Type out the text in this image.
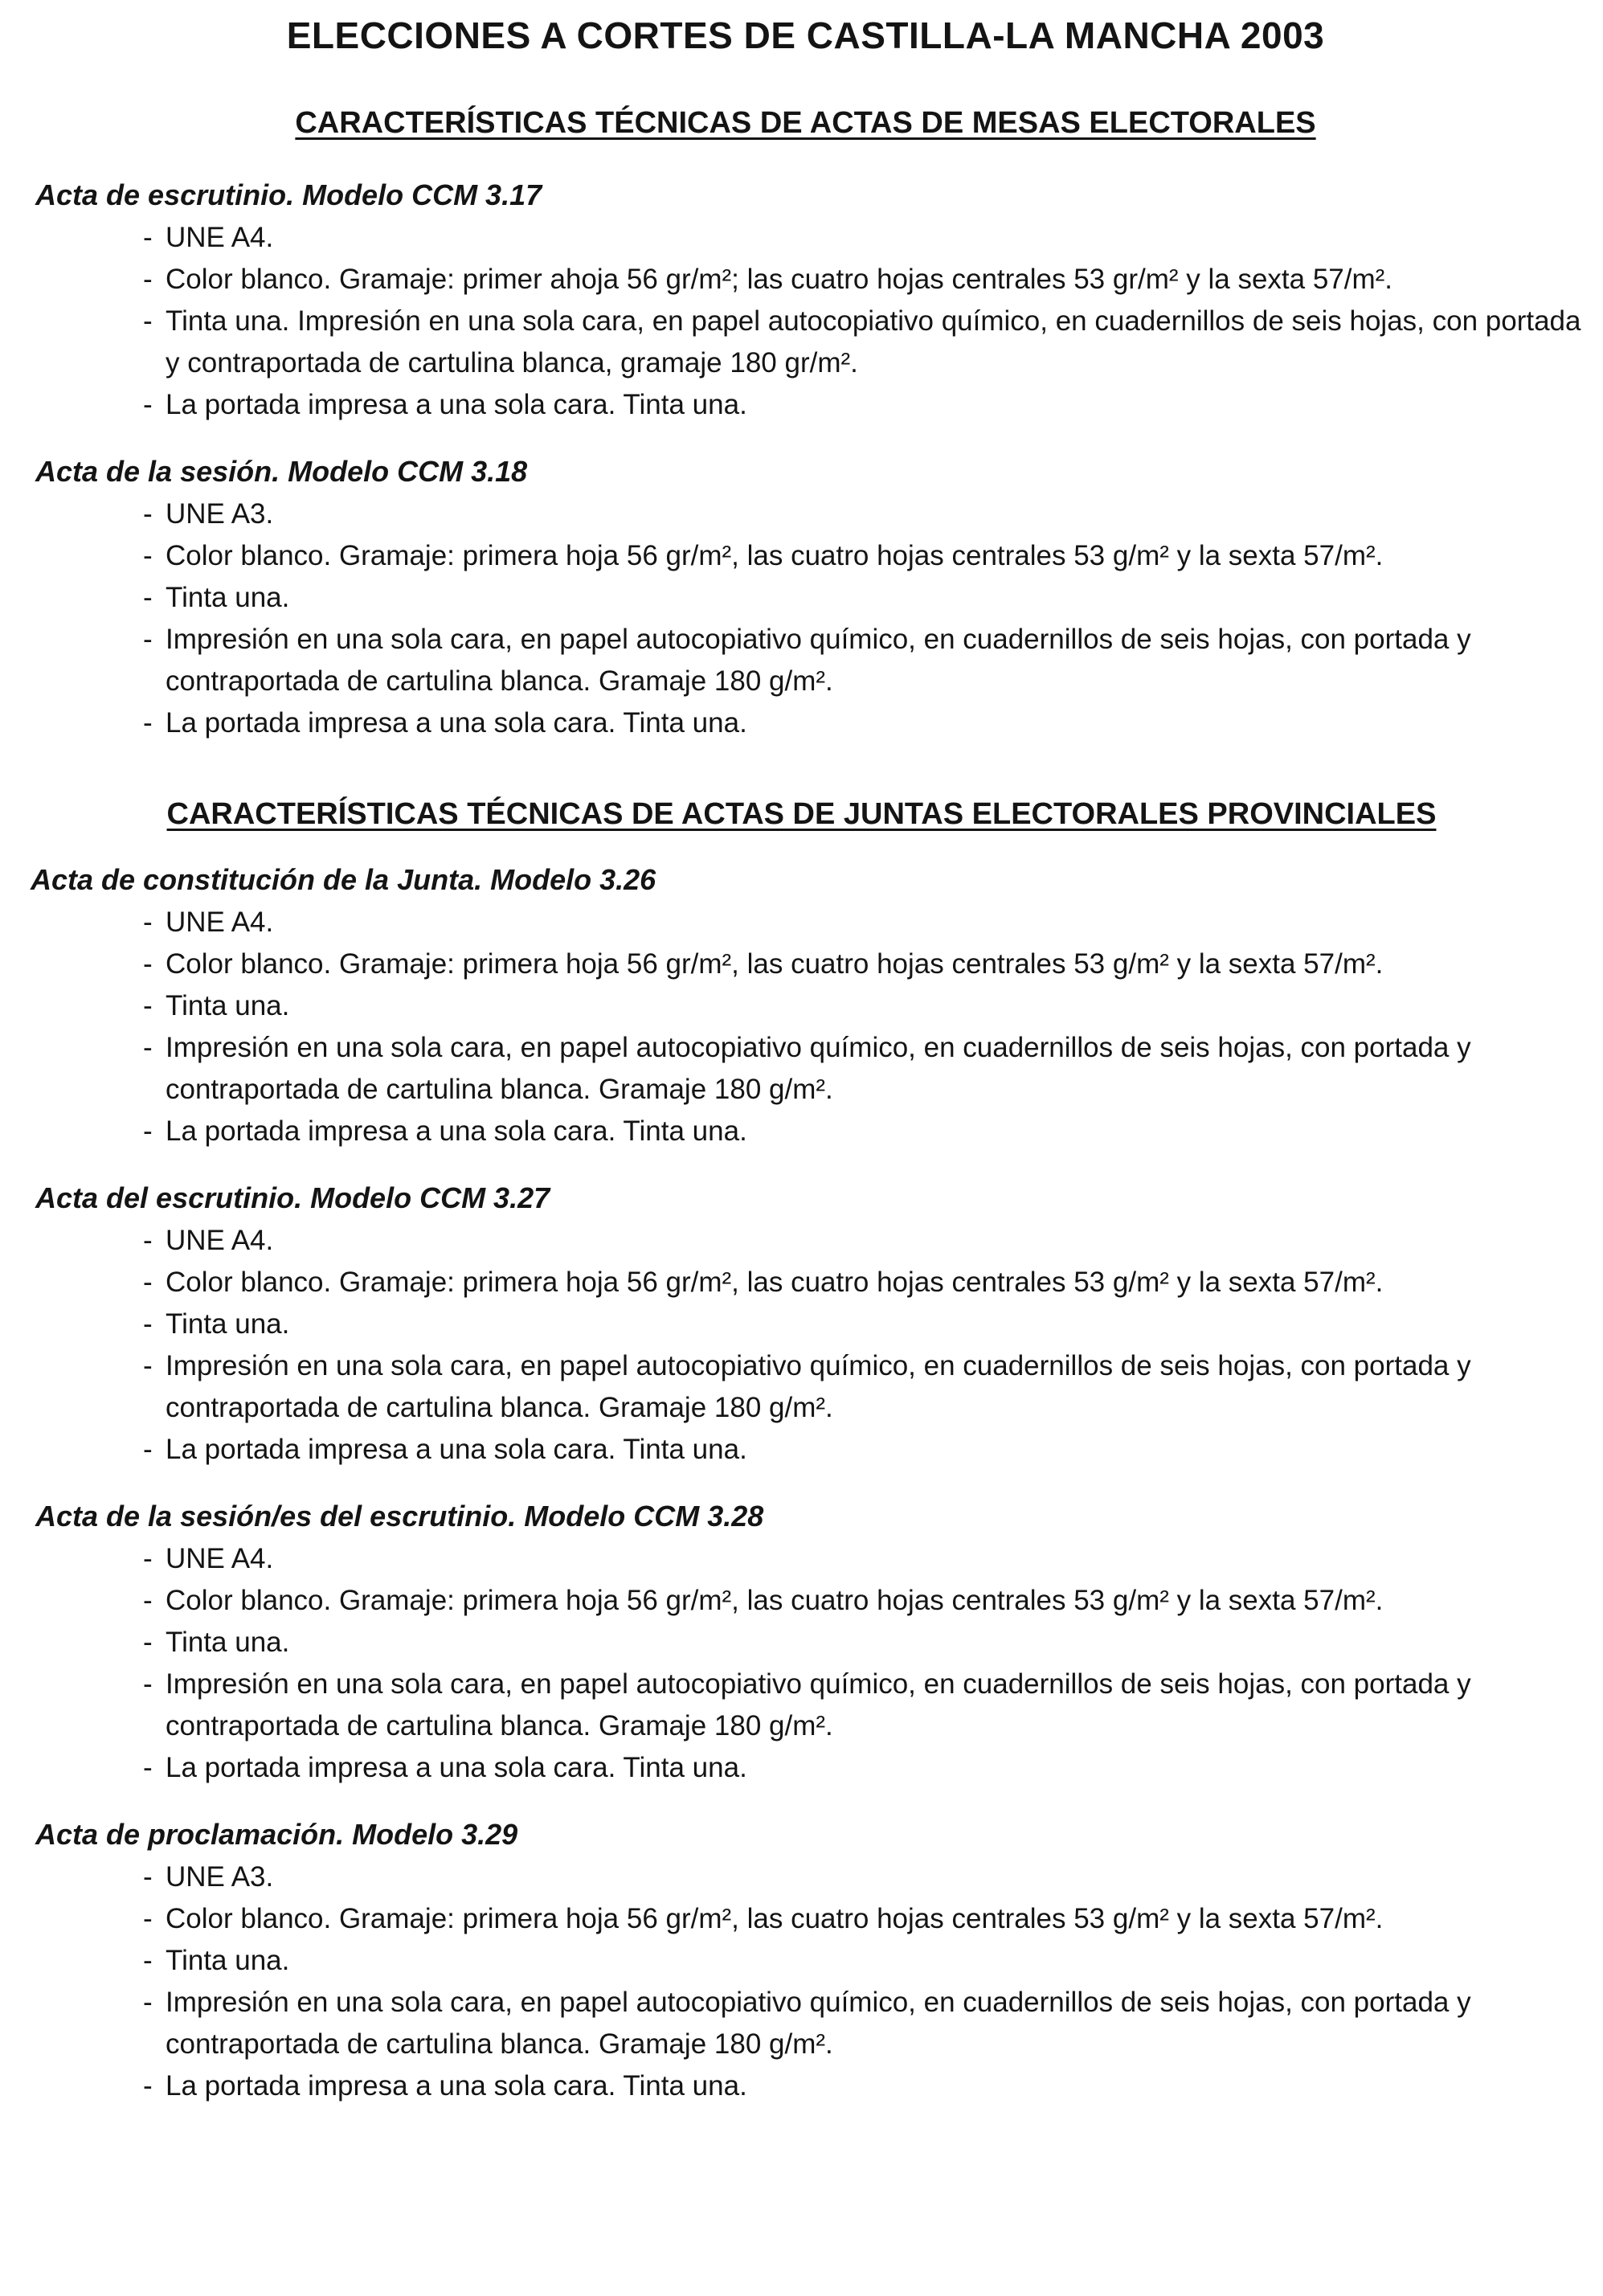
ELECCIONES A CORTES DE CASTILLA-LA MANCHA 2003
CARACTERÍSTICAS TÉCNICAS DE ACTAS DE MESAS ELECTORALES
Acta de escrutinio. Modelo CCM 3.17
- UNE A4.
- Color blanco. Gramaje: primer ahoja 56 gr/m²; las cuatro hojas centrales 53 gr/m² y la sexta 57/m².
- Tinta una. Impresión en una sola cara, en papel autocopiativo químico, en cuadernillos de seis hojas, con portada y contraportada de cartulina blanca, gramaje 180 gr/m².
- La portada impresa a una sola cara. Tinta una.
Acta de la sesión. Modelo CCM 3.18
- UNE A3.
- Color blanco. Gramaje: primera hoja 56 gr/m², las cuatro hojas centrales 53 g/m² y la sexta 57/m².
- Tinta una.
- Impresión en una sola cara, en papel autocopiativo químico, en cuadernillos de seis hojas, con portada y contraportada de cartulina blanca. Gramaje 180 g/m².
- La portada impresa a una sola cara. Tinta una.
CARACTERÍSTICAS TÉCNICAS DE ACTAS DE JUNTAS ELECTORALES PROVINCIALES
Acta de constitución de la Junta. Modelo 3.26
- UNE A4.
- Color blanco. Gramaje: primera hoja 56 gr/m², las cuatro hojas centrales 53 g/m² y la sexta 57/m².
- Tinta una.
- Impresión en una sola cara, en papel autocopiativo químico, en cuadernillos de seis hojas, con portada y contraportada de cartulina blanca. Gramaje 180 g/m².
- La portada impresa a una sola cara. Tinta una.
Acta del escrutinio. Modelo CCM 3.27
- UNE A4.
- Color blanco. Gramaje: primera hoja 56 gr/m², las cuatro hojas centrales 53 g/m² y la sexta 57/m².
- Tinta una.
- Impresión en una sola cara, en papel autocopiativo químico, en cuadernillos de seis hojas, con portada y contraportada de cartulina blanca. Gramaje 180 g/m².
- La portada impresa a una sola cara. Tinta una.
Acta de la sesión/es del escrutinio. Modelo CCM 3.28
- UNE A4.
- Color blanco. Gramaje: primera hoja 56 gr/m², las cuatro hojas centrales 53 g/m² y la sexta 57/m².
- Tinta una.
- Impresión en una sola cara, en papel autocopiativo químico, en cuadernillos de seis hojas, con portada y contraportada de cartulina blanca. Gramaje 180 g/m².
- La portada impresa a una sola cara. Tinta una.
Acta de proclamación. Modelo 3.29
- UNE A3.
- Color blanco. Gramaje: primera hoja 56 gr/m², las cuatro hojas centrales 53 g/m² y la sexta 57/m².
- Tinta una.
- Impresión en una sola cara, en papel autocopiativo químico, en cuadernillos de seis hojas, con portada y contraportada de cartulina blanca. Gramaje 180 g/m².
- La portada impresa a una sola cara. Tinta una.
